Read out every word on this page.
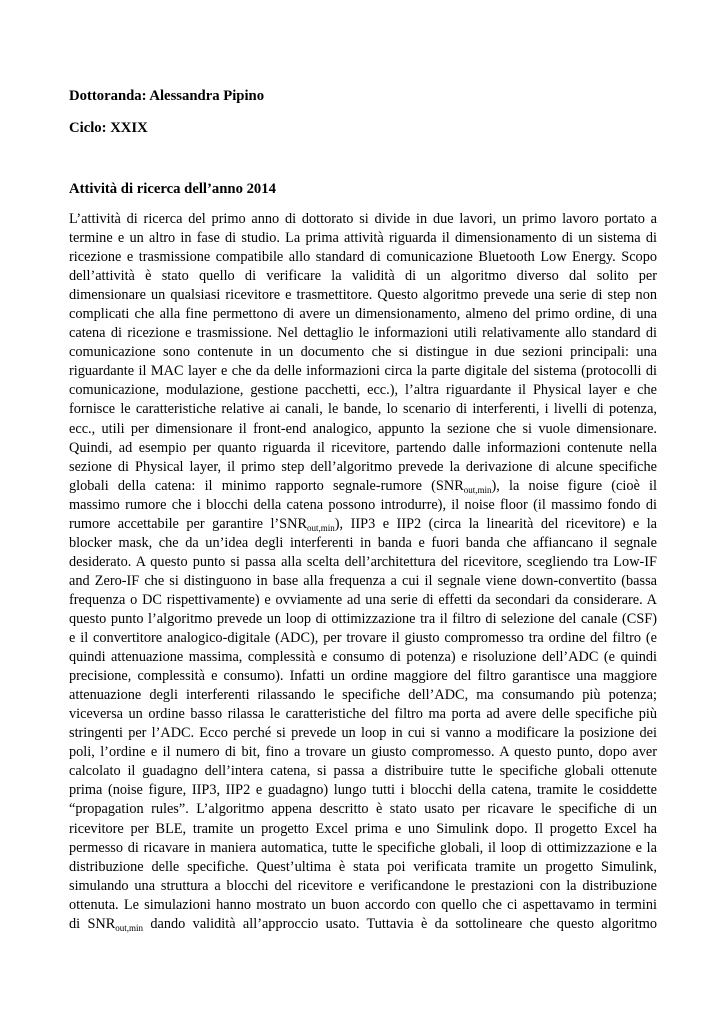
Dottoranda: Alessandra Pipino

Ciclo: XXIX

Attività di ricerca dell’anno 2014

L’attività di ricerca del primo anno di dottorato si divide in due lavori, un primo lavoro portato a
termine e un altro in fase di studio. La prima attività riguarda il dimensionamento di un sistema di
ricezione e trasmissione compatibile allo standard di comunicazione Bluetooth Low Energy. Scopo
dell’attività è stato quello di verificare la validità di un algoritmo diverso dal solito per
dimensionare un qualsiasi ricevitore e trasmettitore. Questo algoritmo prevede una serie di step non
complicati che alla fine permettono di avere un dimensionamento, almeno del primo ordine, di una
catena di ricezione e trasmissione. Nel dettaglio le informazioni utili relativamente allo standard di
comunicazione sono contenute in un documento che si distingue in due sezioni principali: una
riguardante il MAC layer e che da delle informazioni circa la parte digitale del sistema (protocolli di
comunicazione, modulazione, gestione pacchetti, ecc.), l’altra riguardante il Physical layer e che
fornisce le caratteristiche relative ai canali, le bande, lo scenario di interferenti, i livelli di potenza,
ecc., utili per dimensionare il front-end analogico, appunto la sezione che si vuole dimensionare.
Quindi, ad esempio per quanto riguarda il ricevitore, partendo dalle informazioni contenute nella
sezione di Physical layer, il primo step dell’algoritmo prevede la derivazione di alcune specifiche
globali della catena: il minimo rapporto segnale-rumore $(SNR_{out,min})$, la noise figure (cioè il
massimo rumore che i blocchi della catena possono introdurre), il noise floor (il massimo fondo di
rumore accettabile per garantire $l’SNR_{out,min}$), IIP3 e IIP2 (circa la linearità del ricevitore) e la
blocker mask, che da un’idea degli interferenti in banda e fuori banda che affiancano il segnale
desiderato. A questo punto si passa alla scelta dell’architettura del ricevitore, scegliendo tra Low-IF
and Zero-IF che si distinguono in base alla frequenza a cui il segnale viene down-convertito (bassa
frequenza o DC rispettivamente) e ovviamente ad una serie di effetti da secondari da considerare. A
questo punto l’algoritmo prevede un loop di ottimizzazione tra il filtro di selezione del canale (CSF)
e il convertitore analogico-digitale (ADC), per trovare il giusto compromesso tra ordine del filtro (e
quindi attenuazione massima, complessità e consumo di potenza) e risoluzione dell’ADC (e quindi
precisione, complessità e consumo). Infatti un ordine maggiore del filtro garantisce una maggiore
attenuazione degli interferenti rilassando le specifiche dell’ADC, ma consumando più potenza;
viceversa un ordine basso rilassa le caratteristiche del filtro ma porta ad avere delle specifiche più
stringenti per l’ADC. Ecco perché si prevede un loop in cui si vanno a modificare la posizione dei
poli, l’ordine e il numero di bit, fino a trovare un giusto compromesso. A questo punto, dopo aver
calcolato il guadagno dell’intera catena, si passa a distribuire tutte le specifiche globali ottenute
prima (noise figure, IIP3, IIP2 e guadagno) lungo tutti i blocchi della catena, tramite le cosiddette
“propagation rules”. L’algoritmo appena descritto è stato usato per ricavare le specifiche di un
ricevitore per BLE, tramite un progetto Excel prima e uno Simulink dopo. Il progetto Excel ha
permesso di ricavare in maniera automatica, tutte le specifiche globali, il loop di ottimizzazione e la
distribuzione delle specifiche. Quest’ultima è stata poi verificata tramite un progetto Simulink,
simulando una struttura a blocchi del ricevitore e verificandone le prestazioni con la distribuzione
ottenuta. Le simulazioni hanno mostrato un buon accordo con quello che ci aspettavamo in termini
di $SNR_{out,min}$ dando validità all’approccio usato. Tuttavia è da sottolineare che questo algoritmo
